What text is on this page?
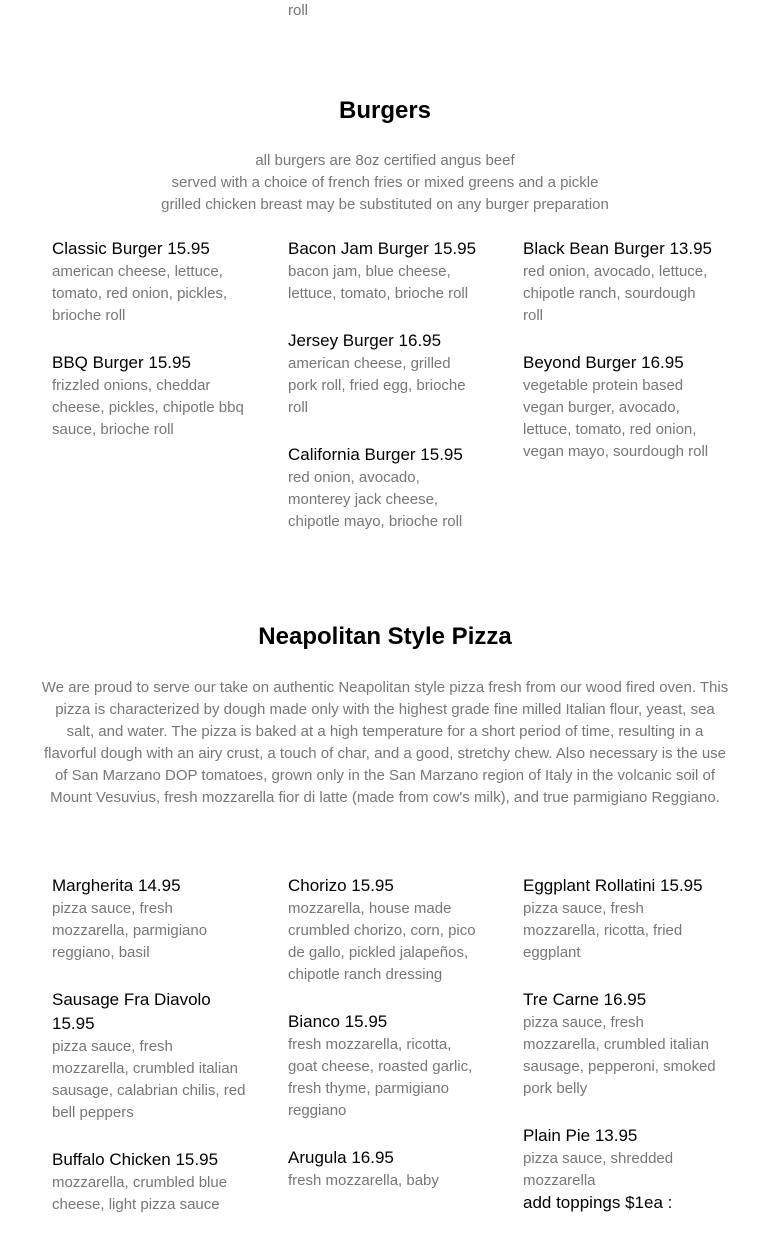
roll
Burgers
all burgers are 8oz certified angus beef
served with a choice of french fries or mixed greens and a pickle
grilled chicken breast may be substituted on any burger preparation
Classic Burger 15.95
american cheese, lettuce, tomato, red onion, pickles, brioche roll
BBQ Burger 15.95
frizzled onions, cheddar cheese, pickles, chipotle bbq sauce, brioche roll
Bacon Jam Burger 15.95
bacon jam, blue cheese, lettuce, tomato, brioche roll
Jersey Burger 16.95
american cheese, grilled pork roll, fried egg, brioche roll
California Burger 15.95
red onion, avocado, monterey jack cheese, chipotle mayo, brioche roll
Black Bean Burger 13.95
red onion, avocado, lettuce, chipotle ranch, sourdough roll
Beyond Burger 16.95
vegetable protein based vegan burger, avocado, lettuce, tomato, red onion, vegan mayo, sourdough roll
Neapolitan Style Pizza
We are proud to serve our take on authentic Neapolitan style pizza fresh from our wood fired oven. This pizza is characterized by dough made only with the highest grade fine milled Italian flour, yeast, sea salt, and water. The pizza is baked at a high temperature for a short period of time, resulting in a flavorful dough with an airy crust, a touch of char, and a good, stretchy chew. Also necessary is the use of San Marzano DOP tomatoes, grown only in the San Marzano region of Italy in the volcanic soil of Mount Vesuvius, fresh mozzarella fior di latte (made from cow's milk), and true parmigiano Reggiano.
Margherita 14.95
pizza sauce, fresh mozzarella, parmigiano reggiano, basil
Sausage Fra Diavolo 15.95
pizza sauce, fresh mozzarella, crumbled italian sausage, calabrian chilis, red bell peppers
Buffalo Chicken 15.95
mozzarella, crumbled blue cheese, light pizza sauce
Chorizo 15.95
mozzarella, house made crumbled chorizo, corn, pico de gallo, pickled jalapeños, chipotle ranch dressing
Bianco 15.95
fresh mozzarella, ricotta, goat cheese, roasted garlic, fresh thyme, parmigiano reggiano
Arugula 16.95
fresh mozzarella, baby
Eggplant Rollatini 15.95
pizza sauce, fresh mozzarella, ricotta, fried eggplant
Tre Carne 16.95
pizza sauce, fresh mozzarella, crumbled italian sausage, pepperoni, smoked pork belly
Plain Pie 13.95
pizza sauce, shredded mozzarella
add toppings $1ea :
